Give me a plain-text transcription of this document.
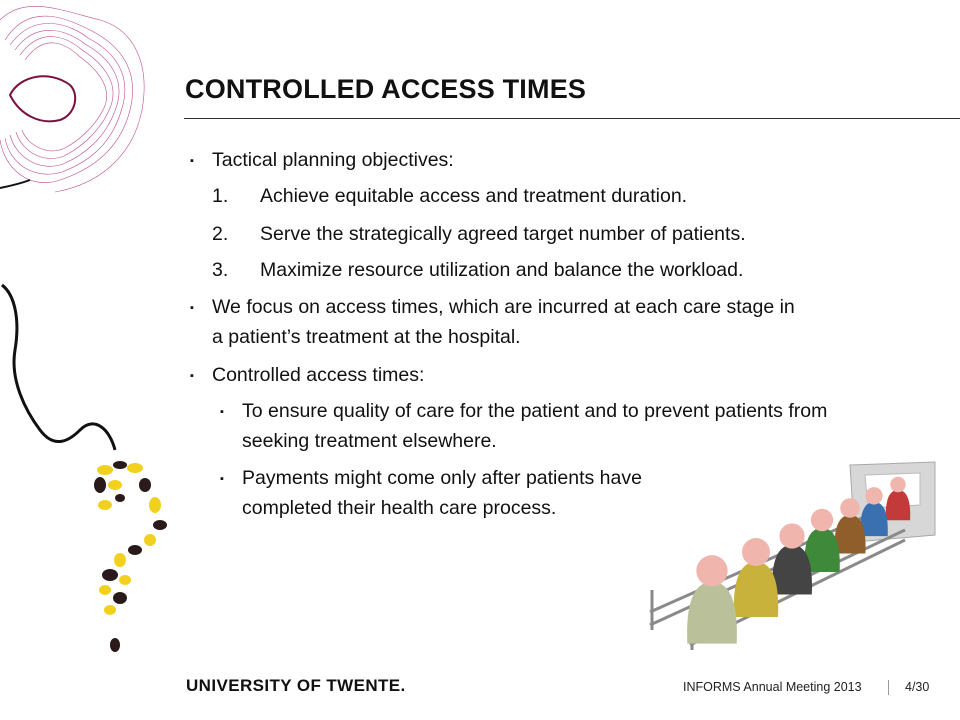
CONTROLLED ACCESS TIMES
▪ Tactical planning objectives:
1. Achieve equitable access and treatment duration.
2. Serve the strategically agreed target number of patients.
3. Maximize resource utilization and balance the workload.
▪ We focus on access times, which are incurred at each care stage in
a patient’s treatment at the hospital.
▪ Controlled access times:
▪ To ensure quality of care for the patient and to prevent patients from
seeking treatment elsewhere.
▪ Payments might come only after patients have
completed their health care process.
UNIVERSITY OF TWENTE.	INFORMS Annual Meeting 2013	4/30
